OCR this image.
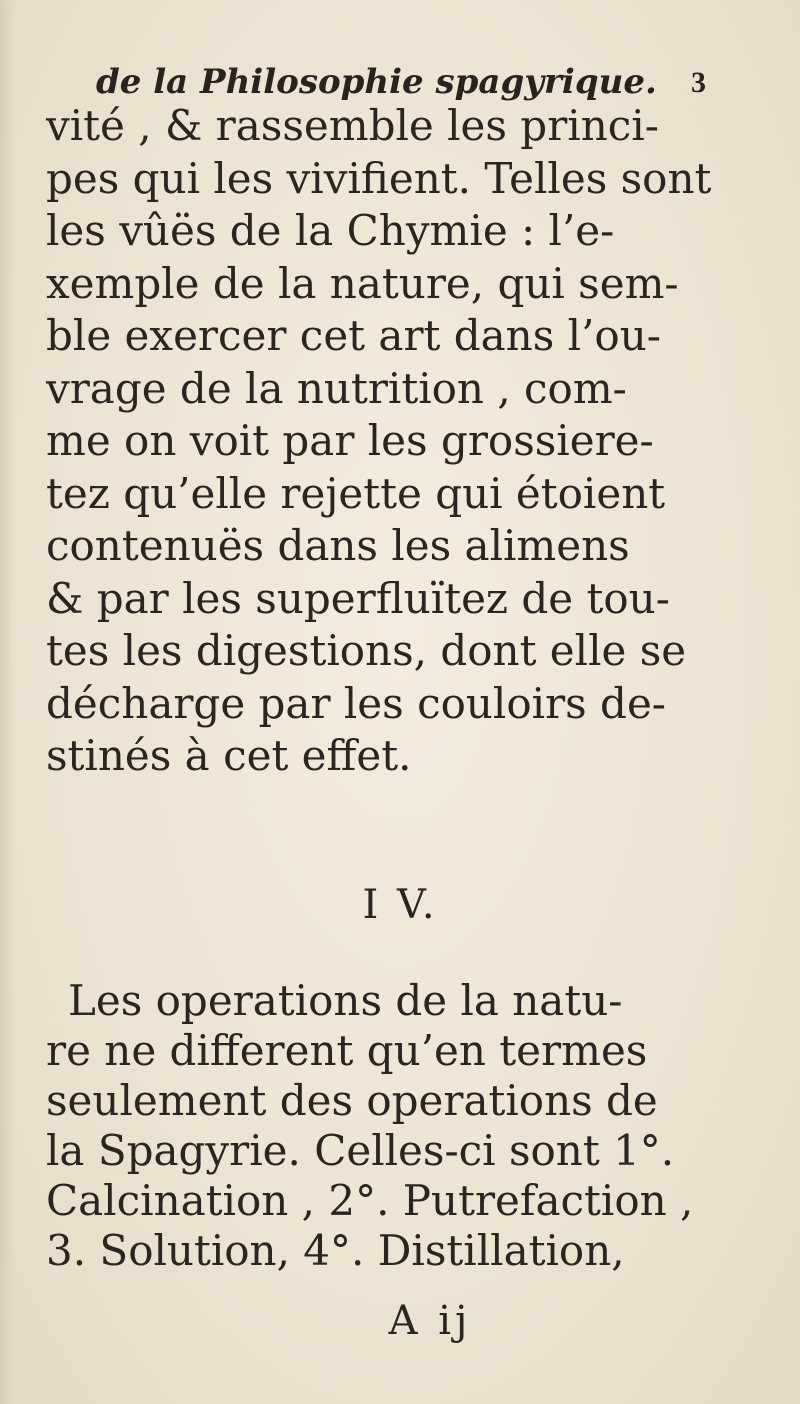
de la Philosophie spagyrique. 3
vité , & rassemble les princi-
pes qui les vivifient. Telles sont
les vûës de la Chymie : l’e-
xemple de la nature, qui sem-
ble exercer cet art dans l’ou-
vrage de la nutrition , com-
me on voit par les grossiere-
tez qu’elle rejette qui étoient
contenuës dans les alimens
& par les superfluïtez de tou-
tes les digestions, dont elle se
décharge par les couloirs de-
stinés à cet effet.
I V.
Les operations de la natu-
re ne different qu’en termes
seulement des operations de
la Spagyrie. Celles-ci sont 1°.
Calcination , 2°. Putrefaction ,
3. Solution, 4°. Distillation,
A ij
